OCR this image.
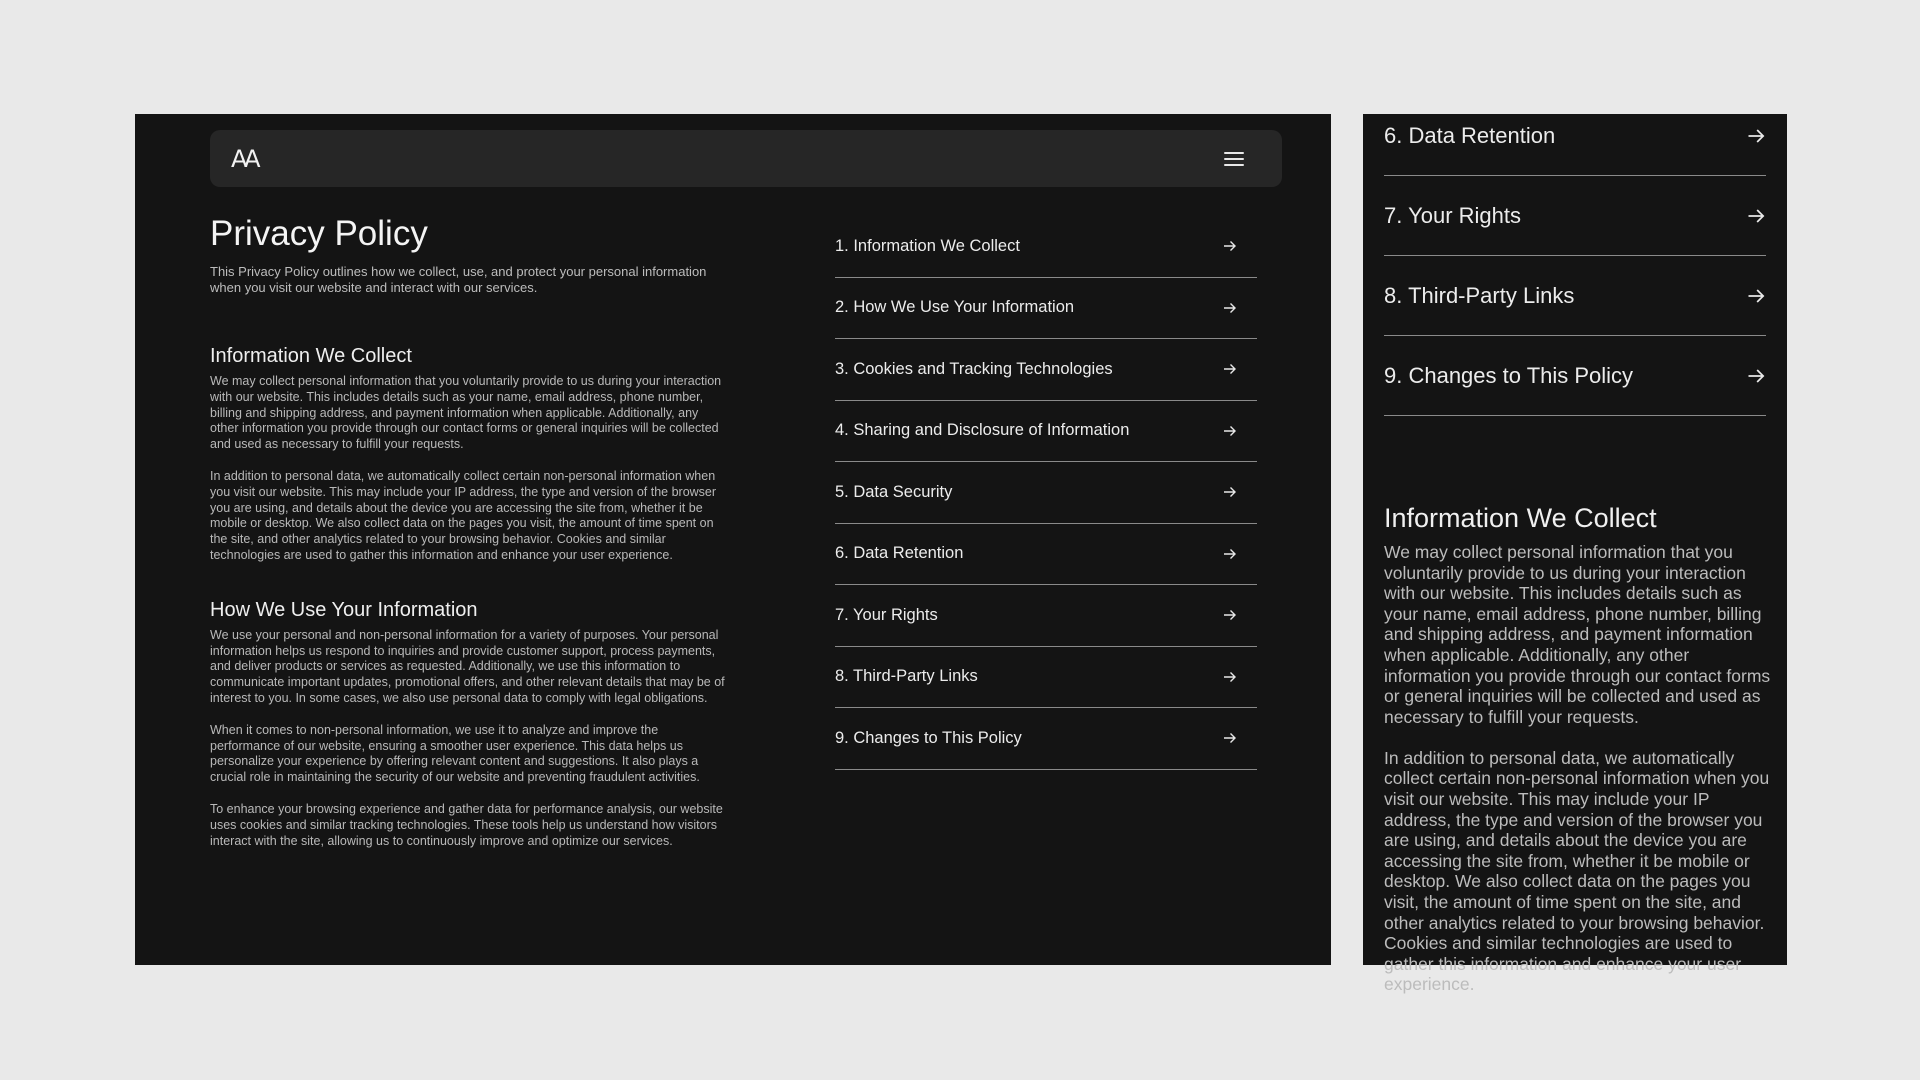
AA
Privacy Policy

This Privacy Policy outlines how we collect, use, and protect your personal information when you visit our website and interact with our services.

Information We Collect

We may collect personal information that you voluntarily provide to us during your interaction with our website. This includes details such as your name, email address, phone number, billing and shipping address, and payment information when applicable. Additionally, any other information you provide through our contact forms or general inquiries will be collected and used as necessary to fulfill your requests.

In addition to personal data, we automatically collect certain non-personal information when you visit our website. This may include your IP address, the type and version of the browser you are using, and details about the device you are accessing the site from, whether it be mobile or desktop. We also collect data on the pages you visit, the amount of time spent on the site, and other analytics related to your browsing behavior. Cookies and similar technologies are used to gather this information and enhance your user experience.

How We Use Your Information

We use your personal and non-personal information for a variety of purposes. Your personal information helps us respond to inquiries and provide customer support, process payments, and deliver products or services as requested. Additionally, we use this information to communicate important updates, promotional offers, and other relevant details that may be of interest to you. In some cases, we also use personal data to comply with legal obligations.

When it comes to non-personal information, we use it to analyze and improve the performance of our website, ensuring a smoother user experience. This data helps us personalize your experience by offering relevant content and suggestions. It also plays a crucial role in maintaining the security of our website and preventing fraudulent activities.

To enhance your browsing experience and gather data for performance analysis, our website uses cookies and similar tracking technologies. These tools help us understand how visitors interact with the site, allowing us to continuously improve and optimize our services.

1. Information We Collect
2. How We Use Your Information
3. Cookies and Tracking Technologies
4. Sharing and Disclosure of Information
5. Data Security
6. Data Retention
7. Your Rights
8. Third-Party Links
9. Changes to This Policy
6. Data Retention
7. Your Rights
8. Third-Party Links
9. Changes to This Policy
Information We Collect

We may collect personal information that you voluntarily provide to us during your interaction with our website. This includes details such as your name, email address, phone number, billing and shipping address, and payment information when applicable. Additionally, any other information you provide through our contact forms or general inquiries will be collected and used as necessary to fulfill your requests.

In addition to personal data, we automatically collect certain non-personal information when you visit our website. This may include your IP address, the type and version of the browser you are using, and details about the device you are accessing the site from, whether it be mobile or desktop. We also collect data on the pages you visit, the amount of time spent on the site, and other analytics related to your browsing behavior. Cookies and similar technologies are used to gather this information and enhance your user experience.
